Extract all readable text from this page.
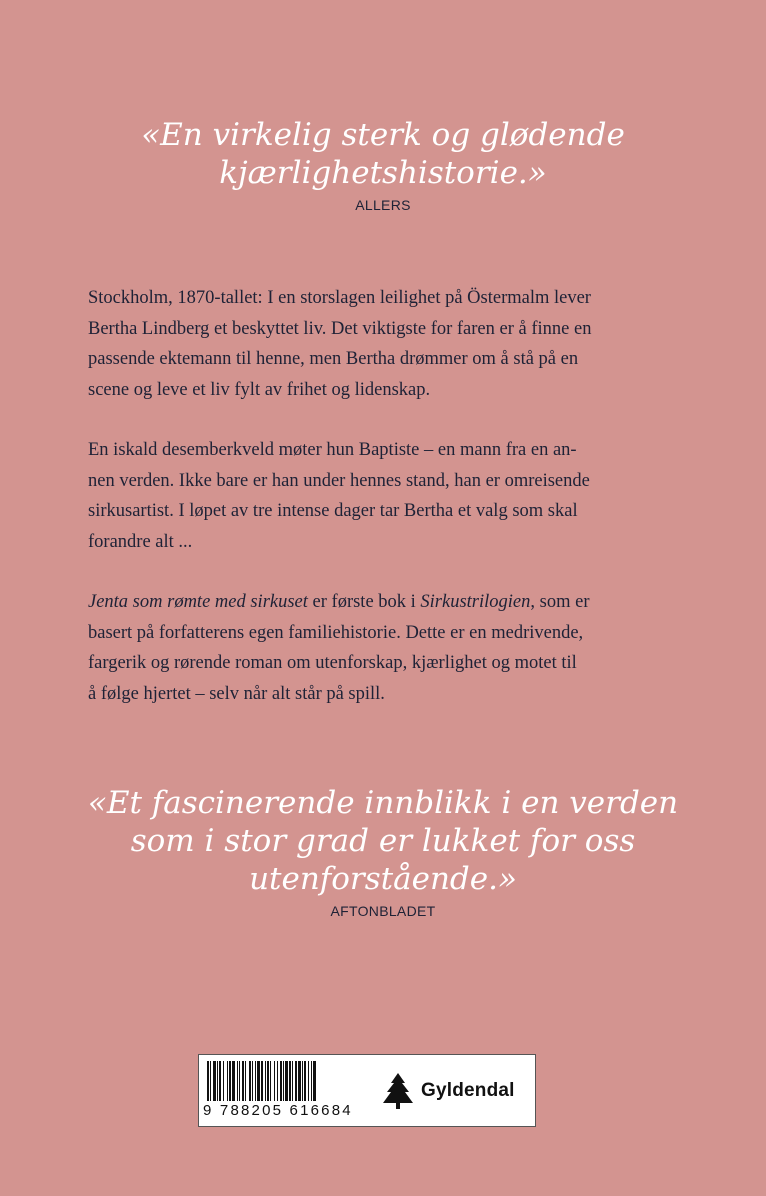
«En virkelig sterk og glødende
kjærlighetshistorie.»
ALLERS

Stockholm, 1870-tallet: I en storslagen leilighet på Östermalm lever
Bertha Lindberg et beskyttet liv. Det viktigste for faren er å finne en
passende ektemann til henne, men Bertha drømmer om å stå på en
scene og leve et liv fylt av frihet og lidenskap.

En iskald desemberkveld møter hun Baptiste – en mann fra en an-
nen verden. Ikke bare er han under hennes stand, han er omreisende
sirkusartist. I løpet av tre intense dager tar Bertha et valg som skal
forandre alt ...

Jenta som rømte med sirkuset er første bok i Sirkustrilogien, som er
basert på forfatterens egen familiehistorie. Dette er en medrivende,
fargerik og rørende roman om utenforskap, kjærlighet og motet til
å følge hjertet – selv når alt står på spill.

«Et fascinerende innblikk i en verden
som i stor grad er lukket for oss
utenforstående.»
AFTONBLADET
9 788205 616684
Gyldendal
